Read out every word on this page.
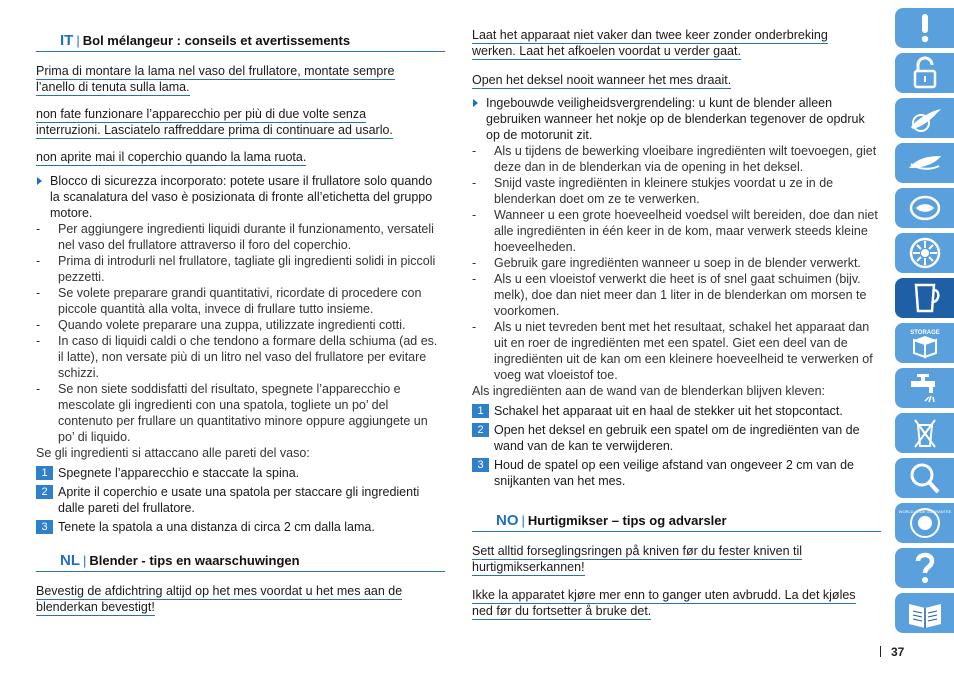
IT | Bol mélangeur : conseils et avertissements
Prima di montare la lama nel vaso del frullatore, montate sempre l’anello di tenuta sulla lama.
non fate funzionare l’apparecchio per più di due volte senza interruzioni. Lasciatelo raffreddare prima di continuare ad usarlo.
non aprite mai il coperchio quando la lama ruota.
Blocco di sicurezza incorporato: potete usare il frullatore solo quando la scanalatura del vaso è posizionata di fronte all’etichetta del gruppo motore.
- Per aggiungere ingredienti liquidi durante il funzionamento, versateli nel vaso del frullatore attraverso il foro del coperchio.
- Prima di introdurli nel frullatore, tagliate gli ingredienti solidi in piccoli pezzetti.
- Se volete preparare grandi quantitativi, ricordate di procedere con piccole quantità alla volta, invece di frullare tutto insieme.
- Quando volete preparare una zuppa, utilizzate ingredienti cotti.
- In caso di liquidi caldi o che tendono a formare della schiuma (ad es. il latte), non versate più di un litro nel vaso del frullatore per evitare schizzi.
- Se non siete soddisfatti del risultato, spegnete l’apparecchio e mescolate gli ingredienti con una spatola, togliete un po’ del contenuto per frullare un quantitativo minore oppure aggiungete un po’ di liquido.
Se gli ingredienti si attaccano alle pareti del vaso:
1 Spegnete l’apparecchio e staccate la spina.
2 Aprite il coperchio e usate una spatola per staccare gli ingredienti dalle pareti del frullatore.
3 Tenete la spatola a una distanza di circa 2 cm dalla lama.
NL | Blender - tips en waarschuwingen
Bevestig de afdichtring altijd op het mes voordat u het mes aan de blenderkan bevestigt!
Laat het apparaat niet vaker dan twee keer zonder onderbreking werken. Laat het afkoelen voordat u verder gaat.
Open het deksel nooit wanneer het mes draait.
Ingebouwde veiligheidsvergrendeling: u kunt de blender alleen gebruiken wanneer het nokje op de blenderkan tegenover de opdruk op de motorunit zit.
- Als u tijdens de bewerking vloeibare ingrediënten wilt toevoegen, giet deze dan in de blenderkan via de opening in het deksel.
- Snijd vaste ingrediënten in kleinere stukjes voordat u ze in de blenderkan doet om ze te verwerken.
- Wanneer u een grote hoeveelheid voedsel wilt bereiden, doe dan niet alle ingrediënten in één keer in de kom, maar verwerk steeds kleine hoeveelheden.
- Gebruik gare ingrediënten wanneer u soep in de blender verwerkt.
- Als u een vloeistof verwerkt die heet is of snel gaat schuimen (bijv. melk), doe dan niet meer dan 1 liter in de blenderkan om morsen te voorkomen.
- Als u niet tevreden bent met het resultaat, schakel het apparaat dan uit en roer de ingrediënten met een spatel. Giet een deel van de ingrediënten uit de kan om een kleinere hoeveelheid te verwerken of voeg wat vloeistof toe.
Als ingrediënten aan de wand van de blenderkan blijven kleven:
1 Schakel het apparaat uit en haal de stekker uit het stopcontact.
2 Open het deksel en gebruik een spatel om de ingrediënten van de wand van de kan te verwijderen.
3 Houd de spatel op een veilige afstand van ongeveer 2 cm van de snijkanten van het mes.
NO | Hurtigmikser – tips og advarsler
Sett alltid forseglingsringen på kniven før du fester kniven til hurtigmikserkannen!
Ikke la apparatet kjøre mer enn to ganger uten avbrudd. La det kjøles ned før du fortsetter å bruke det.
STORAGE
WORLD-WIDE GUARANTEE
37
